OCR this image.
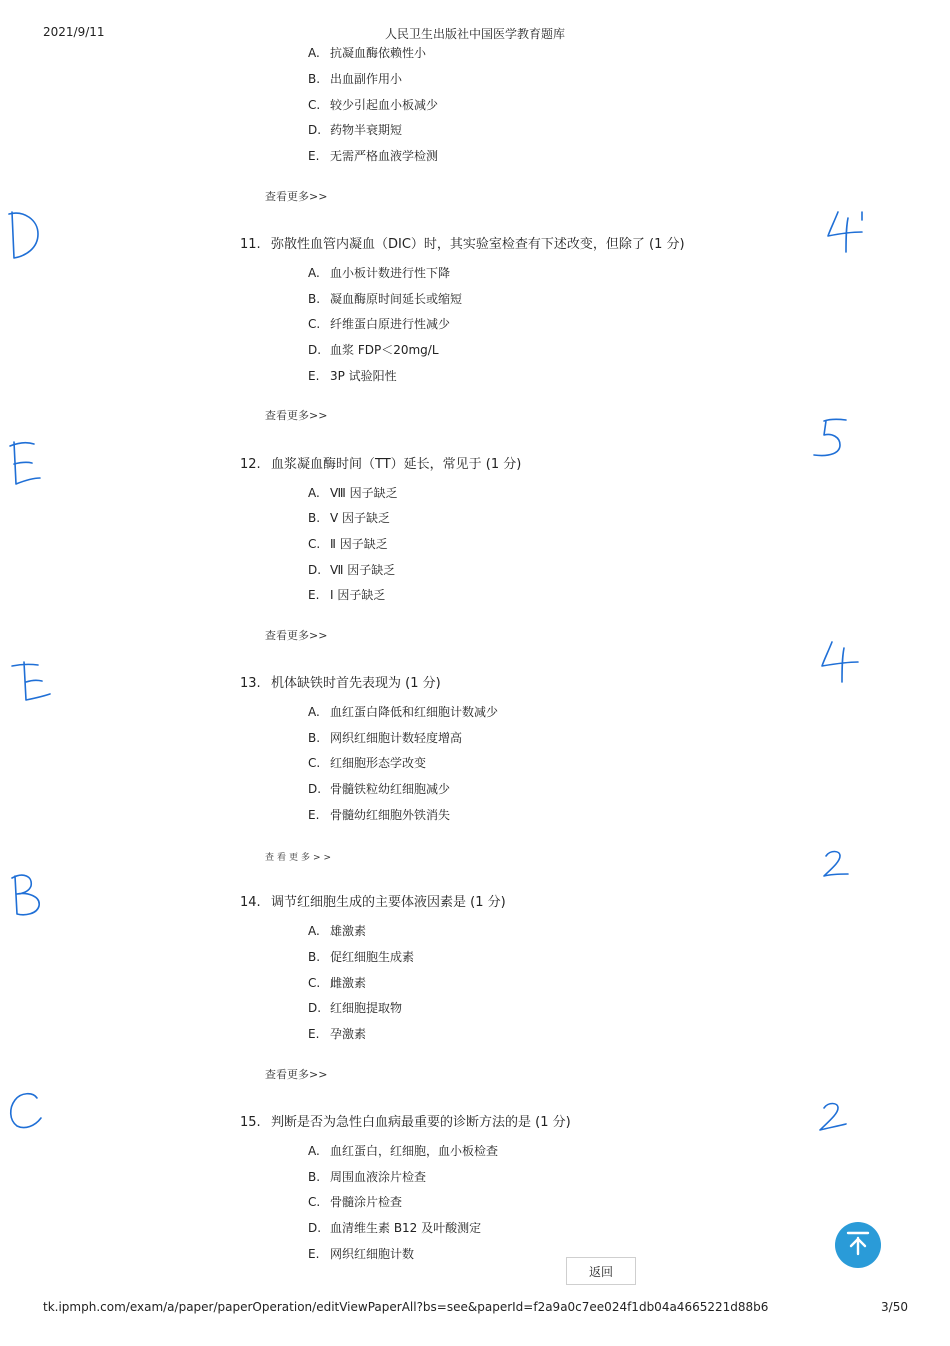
2021/9/11	人民卫生出版社中国医学教育题库
A. 抗凝血酶依赖性小
B. 出血副作用小
C. 较少引起血小板减少
D. 药物半衰期短
E. 无需严格血液学检测
查看更多>>
11. 弥散性血管内凝血（DIC）时，其实验室检查有下述改变，但除了 (1 分)
A. 血小板计数进行性下降
B. 凝血酶原时间延长或缩短
C. 纤维蛋白原进行性减少
D. 血浆 FDP＜20mg/L
E. 3P 试验阳性
查看更多>>
12. 血浆凝血酶时间（TT）延长，常见于 (1 分)
A. Ⅷ 因子缺乏
B. Ⅴ 因子缺乏
C. Ⅱ 因子缺乏
D. Ⅶ 因子缺乏
E. Ⅰ 因子缺乏
查看更多>>
13. 机体缺铁时首先表现为 (1 分)
A. 血红蛋白降低和红细胞计数减少
B. 网织红细胞计数轻度增高
C. 红细胞形态学改变
D. 骨髓铁粒幼红细胞减少
E. 骨髓幼红细胞外铁消失
查看更多>>
14. 调节红细胞生成的主要体液因素是 (1 分)
A. 雄激素
B. 促红细胞生成素
C. 雌激素
D. 红细胞提取物
E. 孕激素
查看更多>>
15. 判断是否为急性白血病最重要的诊断方法的是 (1 分)
A. 血红蛋白，红细胞，血小板检查
B. 周围血液涂片检查
C. 骨髓涂片检查
D. 血清维生素 B12 及叶酸测定
E. 网织红细胞计数
返回
tk.ipmph.com/exam/a/paper/paperOperation/editViewPaperAll?bs=see&paperId=f2a9a0c7ee024f1db04a4665221d88b6	3/50
